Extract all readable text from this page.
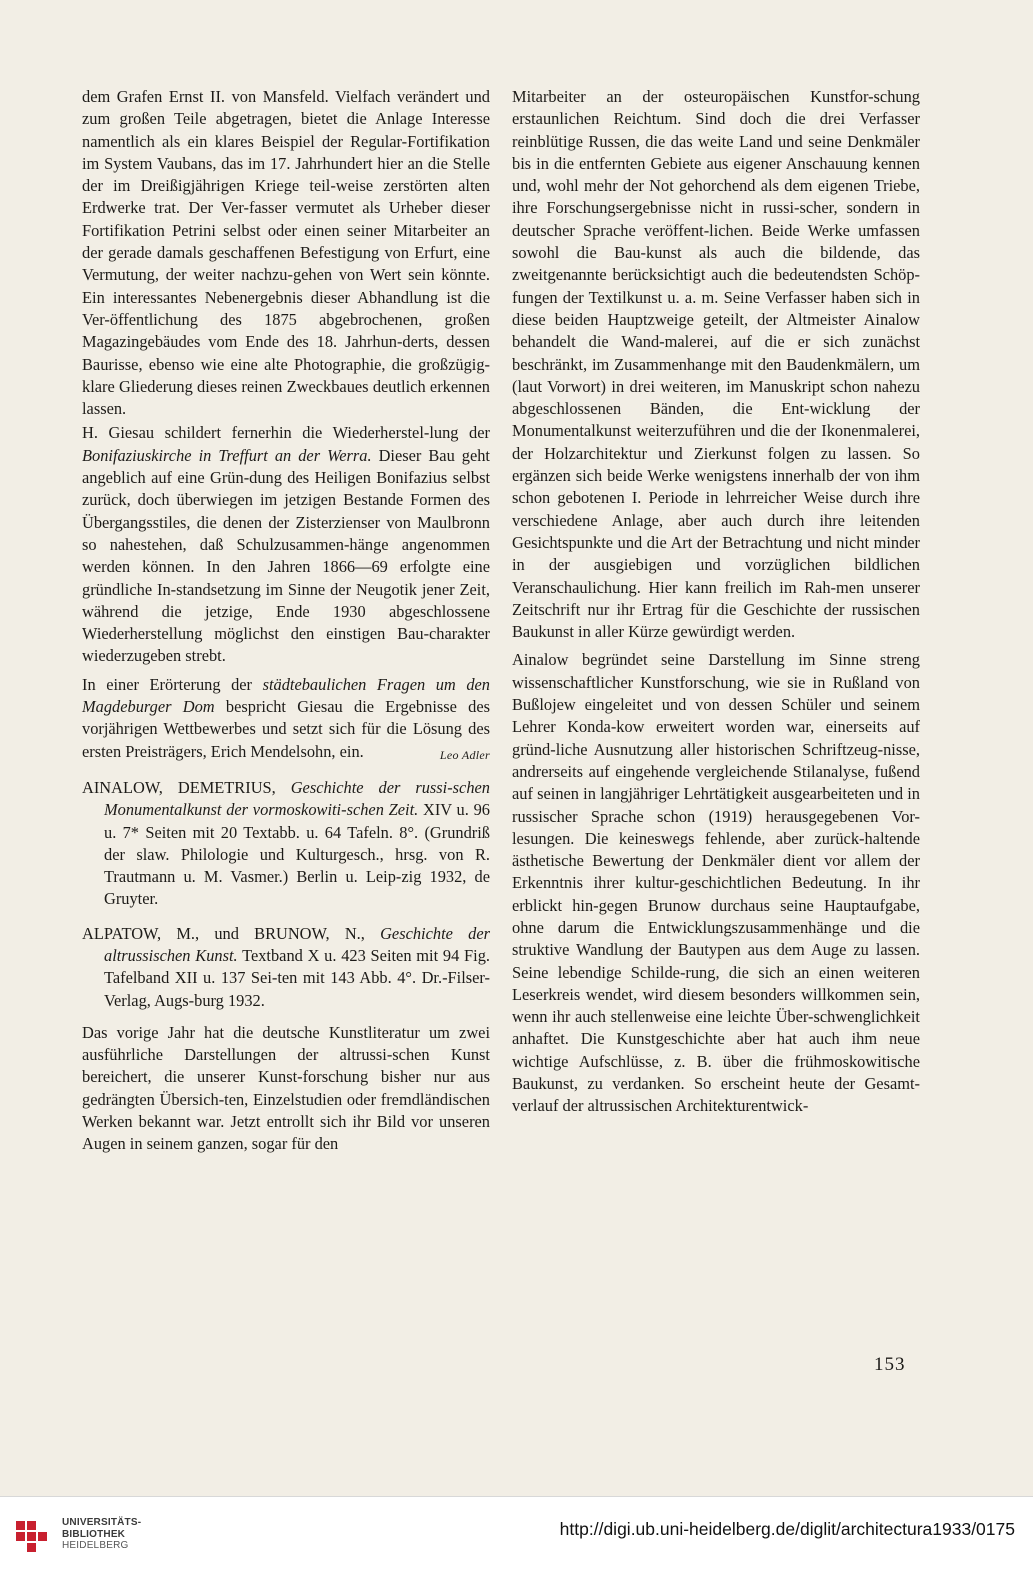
dem Grafen Ernst II. von Mansfeld. Vielfach verändert und zum großen Teile abgetragen, bietet die Anlage Interesse namentlich als ein klares Beispiel der Regular-Fortifikation im System Vaubans, das im 17. Jahrhundert hier an die Stelle der im Dreißigjährigen Kriege teil-weise zerstörten alten Erdwerke trat. Der Ver-fasser vermutet als Urheber dieser Fortifikation Petrini selbst oder einen seiner Mitarbeiter an der gerade damals geschaffenen Befestigung von Erfurt, eine Vermutung, der weiter nachzu-gehen von Wert sein könnte. Ein interessantes Nebenergebnis dieser Abhandlung ist die Ver-öffentlichung des 1875 abgebrochenen, großen Magazingebäudes vom Ende des 18. Jahrhun-derts, dessen Baurisse, ebenso wie eine alte Photographie, die großzügig-klare Gliederung dieses reinen Zweckbaues deutlich erkennen lassen.

H. Giesau schildert fernerhin die Wiederherstel-lung der Bonifaziuskirche in Treffurt an der Werra. Dieser Bau geht angeblich auf eine Grün-dung des Heiligen Bonifazius selbst zurück, doch überwiegen im jetzigen Bestande Formen des Übergangsstiles, die denen der Zisterzienser von Maulbronn so nahestehen, daß Schulzusammen-hänge angenommen werden können. In den Jahren 1866—69 erfolgte eine gründliche In-standsetzung im Sinne der Neugotik jener Zeit, während die jetzige, Ende 1930 abgeschlossene Wiederherstellung möglichst den einstigen Bau-charakter wiederzugeben strebt.

In einer Erörterung der städtebaulichen Fragen um den Magdeburger Dom bespricht Giesau die Ergebnisse des vorjährigen Wettbewerbes und setzt sich für die Lösung des ersten Preisträgers, Erich Mendelsohn, ein.	Leo Adler

AINALOW, DEMETRIUS, Geschichte der russi-schen Monumentalkunst der vormoskowiti-schen Zeit. XIV u. 96 u. 7* Seiten mit 20 Textabb. u. 64 Tafeln. 8°. (Grundriß der slaw. Philologie und Kulturgesch., hrsg. von R. Trautmann u. M. Vasmer.) Berlin u. Leip-zig 1932, de Gruyter.

ALPATOW, M., und BRUNOW, N., Geschichte der altrussischen Kunst. Textband X u. 423 Seiten mit 94 Fig. Tafelband XII u. 137 Sei-ten mit 143 Abb. 4°. Dr.-Filser-Verlag, Augs-burg 1932.

Das vorige Jahr hat die deutsche Kunstliteratur um zwei ausführliche Darstellungen der altrussi-schen Kunst bereichert, die unserer Kunst-forschung bisher nur aus gedrängten Übersich-ten, Einzelstudien oder fremdländischen Werken bekannt war. Jetzt entrollt sich ihr Bild vor unseren Augen in seinem ganzen, sogar für den

Mitarbeiter an der osteuropäischen Kunstfor-schung erstaunlichen Reichtum. Sind doch die drei Verfasser reinblütige Russen, die das weite Land und seine Denkmäler bis in die entfernten Gebiete aus eigener Anschauung kennen und, wohl mehr der Not gehorchend als dem eigenen Triebe, ihre Forschungsergebnisse nicht in russi-scher, sondern in deutscher Sprache veröffent-lichen. Beide Werke umfassen sowohl die Bau-kunst als auch die bildende, das zweitgenannte berücksichtigt auch die bedeutendsten Schöp-fungen der Textilkunst u. a. m. Seine Verfasser haben sich in diese beiden Hauptzweige geteilt, der Altmeister Ainalow behandelt die Wand-malerei, auf die er sich zunächst beschränkt, im Zusammenhange mit den Baudenkmälern, um (laut Vorwort) in drei weiteren, im Manuskript schon nahezu abgeschlossenen Bänden, die Ent-wicklung der Monumentalkunst weiterzuführen und die der Ikonenmalerei, der Holzarchitektur und Zierkunst folgen zu lassen. So ergänzen sich beide Werke wenigstens innerhalb der von ihm schon gebotenen I. Periode in lehrreicher Weise durch ihre verschiedene Anlage, aber auch durch ihre leitenden Gesichtspunkte und die Art der Betrachtung und nicht minder in der ausgiebigen und vorzüglichen bildlichen Veranschaulichung. Hier kann freilich im Rah-men unserer Zeitschrift nur ihr Ertrag für die Geschichte der russischen Baukunst in aller Kürze gewürdigt werden.

Ainalow begründet seine Darstellung im Sinne streng wissenschaftlicher Kunstforschung, wie sie in Rußland von Bußlojew eingeleitet und von dessen Schüler und seinem Lehrer Konda-kow erweitert worden war, einerseits auf gründ-liche Ausnutzung aller historischen Schriftzeug-nisse, andrerseits auf eingehende vergleichende Stilanalyse, fußend auf seinen in langjähriger Lehrtätigkeit ausgearbeiteten und in russischer Sprache schon (1919) herausgegebenen Vor-lesungen. Die keineswegs fehlende, aber zurück-haltende ästhetische Bewertung der Denkmäler dient vor allem der Erkenntnis ihrer kultur-geschichtlichen Bedeutung. In ihr erblickt hin-gegen Brunow durchaus seine Hauptaufgabe, ohne darum die Entwicklungszusammenhänge und die struktive Wandlung der Bautypen aus dem Auge zu lassen. Seine lebendige Schilde-rung, die sich an einen weiteren Leserkreis wendet, wird diesem besonders willkommen sein, wenn ihr auch stellenweise eine leichte Über-schwenglichkeit anhaftet. Die Kunstgeschichte aber hat auch ihm neue wichtige Aufschlüsse, z. B. über die frühmoskowitische Baukunst, zu verdanken. So erscheint heute der Gesamt-verlauf der altrussischen Architekturentwick-

153
UNIVERSITÄTS-
BIBLIOTHEK
HEIDELBERG
http://digi.ub.uni-heidelberg.de/diglit/architectura1933/0175
